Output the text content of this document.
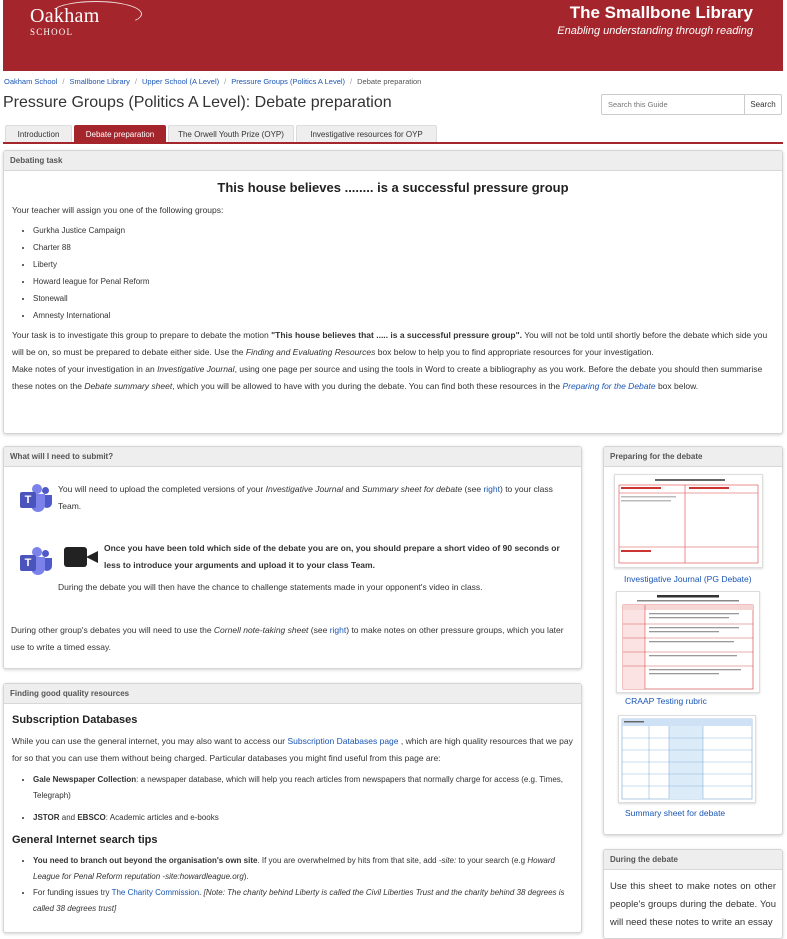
Oakham
SCHOOL
The Smallbone Library
Enabling understanding through reading
Oakham School / Smallbone Library / Upper School (A Level) / Pressure Groups (Politics A Level) / Debate preparation
Pressure Groups (Politics A Level): Debate preparation
Search this Guide	Search
Introduction	Debate preparation	The Orwell Youth Prize (OYP)	Investigative resources for OYP
Debating task
This house believes ........ is a successful pressure group
Your teacher will assign you one of the following groups:
• Gurkha Justice Campaign
• Charter 88
• Liberty
• Howard league for Penal Reform
• Stonewall
• Amnesty International
Your task is to investigate this group to prepare to debate the motion "This house believes that ..... is a successful pressure group". You will not be told until shortly before the debate which side you will be on, so must be prepared to debate either side. Use the Finding and Evaluating Resources box below to help you to find appropriate resources for your investigation.
Make notes of your investigation in an Investigative Journal, using one page per source and using the tools in Word to create a bibliography as you work. Before the debate you should then summarise these notes on the Debate summary sheet, which you will be allowed to have with you during the debate. You can find both these resources in the Preparing for the Debate box below.
What will I need to submit?
T
You will need to upload the completed versions of your Investigative Journal and Summary sheet for debate (see right) to your class Team.
T
Once you have been told which side of the debate you are on, you should prepare a short video of 90 seconds or less to introduce your arguments and upload it to your class Team.
During the debate you will then have the chance to challenge statements made in your opponent's video in class.
During other group's debates you will need to use the Cornell note-taking sheet (see right) to make notes on other pressure groups, which you later use to write a timed essay.
Finding good quality resources
Subscription Databases
While you can use the general internet, you may also want to access our Subscription Databases page , which are high quality resources that we pay for so that you can use them without being charged. Particular databases you might find useful from this page are:
• Gale Newspaper Collection: a newspaper database, which will help you reach articles from newspapers that normally charge for access (e.g. Times, Telegraph)
• JSTOR and EBSCO: Academic articles and e-books
General Internet search tips
• You need to branch out beyond the organisation's own site. If you are overwhelmed by hits from that site, add -site: to your search (e.g Howard League for Penal Reform reputation -site:howardleague.org).
• For funding issues try The Charity Commission. [Note: The charity behind Liberty is called the Civil Liberties Trust and the charity behind 38 degrees is called 38 degrees trust]
Preparing for the debate
Investigative Journal (PG Debate)
CRAAP Testing rubric
Summary sheet for debate
During the debate
Use this sheet to make notes on other people's groups during the debate. You will need these notes to write an essay
